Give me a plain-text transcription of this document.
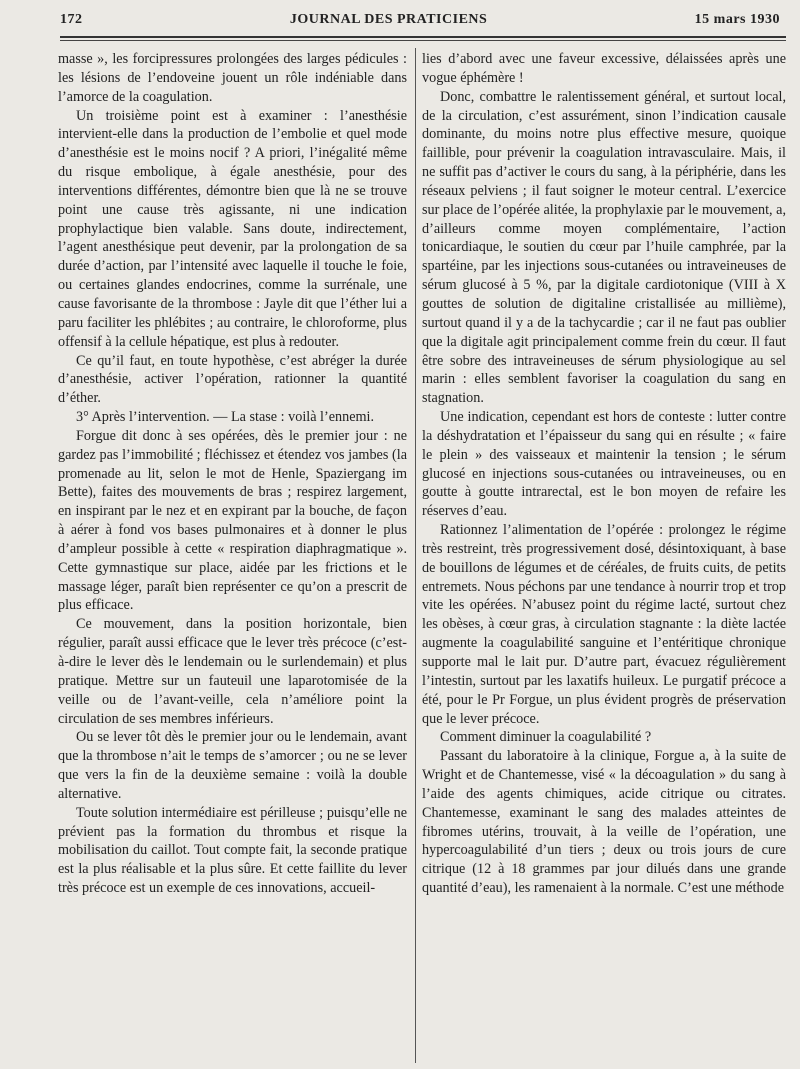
172	JOURNAL DES PRATICIENS	15 mars 1930

masse », les forcipressures prolongées des larges pédicules : les lésions de l’endoveine jouent un rôle indéniable dans l’amorce de la coagulation.

Un troisième point est à examiner : l’anesthésie intervient-elle dans la production de l’embolie et quel mode d’anesthésie est le moins nocif ? A priori, l’inégalité même du risque embolique, à égale anesthésie, pour des interventions différentes, démontre bien que là ne se trouve point une cause très agissante, ni une indication prophylactique bien valable. Sans doute, indirectement, l’agent anesthésique peut devenir, par la prolongation de sa durée d’action, par l’intensité avec laquelle il touche le foie, ou certaines glandes endocrines, comme la surrénale, une cause favorisante de la thrombose : Jayle dit que l’éther lui a paru faciliter les phlébites ; au contraire, le chloroforme, plus offensif à la cellule hépatique, est plus à redouter.

Ce qu’il faut, en toute hypothèse, c’est abréger la durée d’anesthésie, activer l’opération, rationner la quantité d’éther.

3° Après l’intervention. — La stase : voilà l’ennemi.

Forgue dit donc à ses opérées, dès le premier jour : ne gardez pas l’immobilité ; fléchissez et étendez vos jambes (la promenade au lit, selon le mot de Henle, Spaziergang im Bette), faites des mouvements de bras ; respirez largement, en inspirant par le nez et en expirant par la bouche, de façon à aérer à fond vos bases pulmonaires et à donner le plus d’ampleur possible à cette « respiration diaphragmatique ». Cette gymnastique sur place, aidée par les frictions et le massage léger, paraît bien représenter ce qu’on a prescrit de plus efficace.

Ce mouvement, dans la position horizontale, bien régulier, paraît aussi efficace que le lever très précoce (c’est-à-dire le lever dès le lendemain ou le surlendemain) et plus pratique. Mettre sur un fauteuil une laparotomisée de la veille ou de l’avant-veille, cela n’améliore point la circulation de ses membres inférieurs.

Ou se lever tôt dès le premier jour ou le lendemain, avant que la thrombose n’ait le temps de s’amorcer ; ou ne se lever que vers la fin de la deuxième semaine : voilà la double alternative.

Toute solution intermédiaire est périlleuse ; puisqu’elle ne prévient pas la formation du thrombus et risque la mobilisation du caillot. Tout compte fait, la seconde pratique est la plus réalisable et la plus sûre. Et cette faillite du lever très précoce est un exemple de ces innovations, accueil-

lies d’abord avec une faveur excessive, délaissées après une vogue éphémère !

Donc, combattre le ralentissement général, et surtout local, de la circulation, c’est assurément, sinon l’indication causale dominante, du moins notre plus effective mesure, quoique faillible, pour prévenir la coagulation intravasculaire. Mais, il ne suffit pas d’activer le cours du sang, à la périphérie, dans les réseaux pelviens ; il faut soigner le moteur central. L’exercice sur place de l’opérée alitée, la prophylaxie par le mouvement, a, d’ailleurs comme moyen complémentaire, l’action tonicardiaque, le soutien du cœur par l’huile camphrée, par la spartéine, par les injections sous-cutanées ou intraveineuses de sérum glucosé à 5 %, par la digitale cardiotonique (VIII à X gouttes de solution de digitaline cristallisée au millième), surtout quand il y a de la tachycardie ; car il ne faut pas oublier que la digitale agit principalement comme frein du cœur. Il faut être sobre des intraveineuses de sérum physiologique au sel marin : elles semblent favoriser la coagulation du sang en stagnation.

Une indication, cependant est hors de conteste : lutter contre la déshydratation et l’épaisseur du sang qui en résulte ; « faire le plein » des vaisseaux et maintenir la tension ; le sérum glucosé en injections sous-cutanées ou intraveineuses, ou en goutte à goutte intrarectal, est le bon moyen de refaire les réserves d’eau.

Rationnez l’alimentation de l’opérée : prolongez le régime très restreint, très progressivement dosé, désintoxiquant, à base de bouillons de légumes et de céréales, de fruits cuits, de petits entremets. Nous péchons par une tendance à nourrir trop et trop vite les opérées. N’abusez point du régime lacté, surtout chez les obèses, à cœur gras, à circulation stagnante : la diète lactée augmente la coagulabilité sanguine et l’entéritique chronique supporte mal le lait pur. D’autre part, évacuez régulièrement l’intestin, surtout par les laxatifs huileux. Le purgatif précoce a été, pour le Pr Forgue, un plus évident progrès de préservation que le lever précoce.

Comment diminuer la coagulabilité ?

Passant du laboratoire à la clinique, Forgue a, à la suite de Wright et de Chantemesse, visé « la décoagulation » du sang à l’aide des agents chimiques, acide citrique ou citrates. Chantemesse, examinant le sang des malades atteintes de fibromes utérins, trouvait, à la veille de l’opération, une hypercoagulabilité d’un tiers ; deux ou trois jours de cure citrique (12 à 18 grammes par jour dilués dans une grande quantité d’eau), les ramenaient à la normale. C’est une méthode
